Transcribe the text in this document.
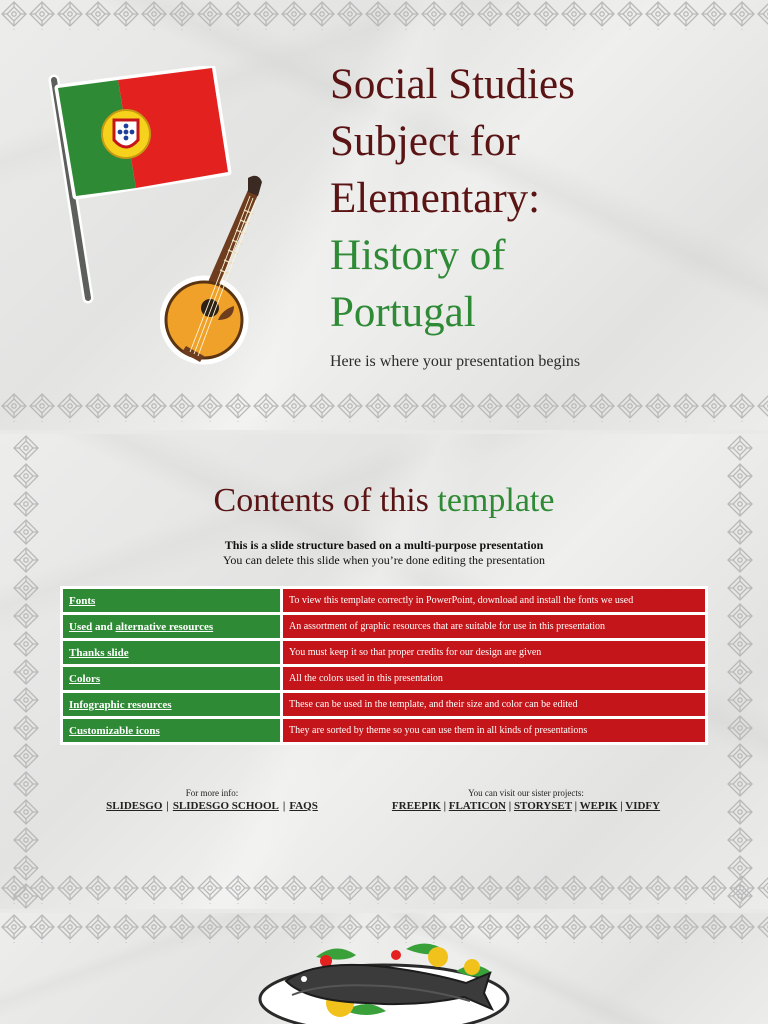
Social Studies
Subject for
Elementary:
History of
Portugal

Here is where your presentation begins

Contents of this template
This is a slide structure based on a multi-purpose presentation
You can delete this slide when you’re done editing the presentation
Fonts	To view this template correctly in PowerPoint, download and install the fonts we used
Used and alternative resources	An assortment of graphic resources that are suitable for use in this presentation
Thanks slide	You must keep it so that proper credits for our design are given
Colors	All the colors used in this presentation
Infographic resources	These can be used in the template, and their size and color can be edited
Customizable icons	They are sorted by theme so you can use them in all kinds of presentations
For more info:
SLIDESGO | SLIDESGO SCHOOL | FAQS
You can visit our sister projects:
FREEPIK | FLATICON | STORYSET | WEPIK | VIDFY
